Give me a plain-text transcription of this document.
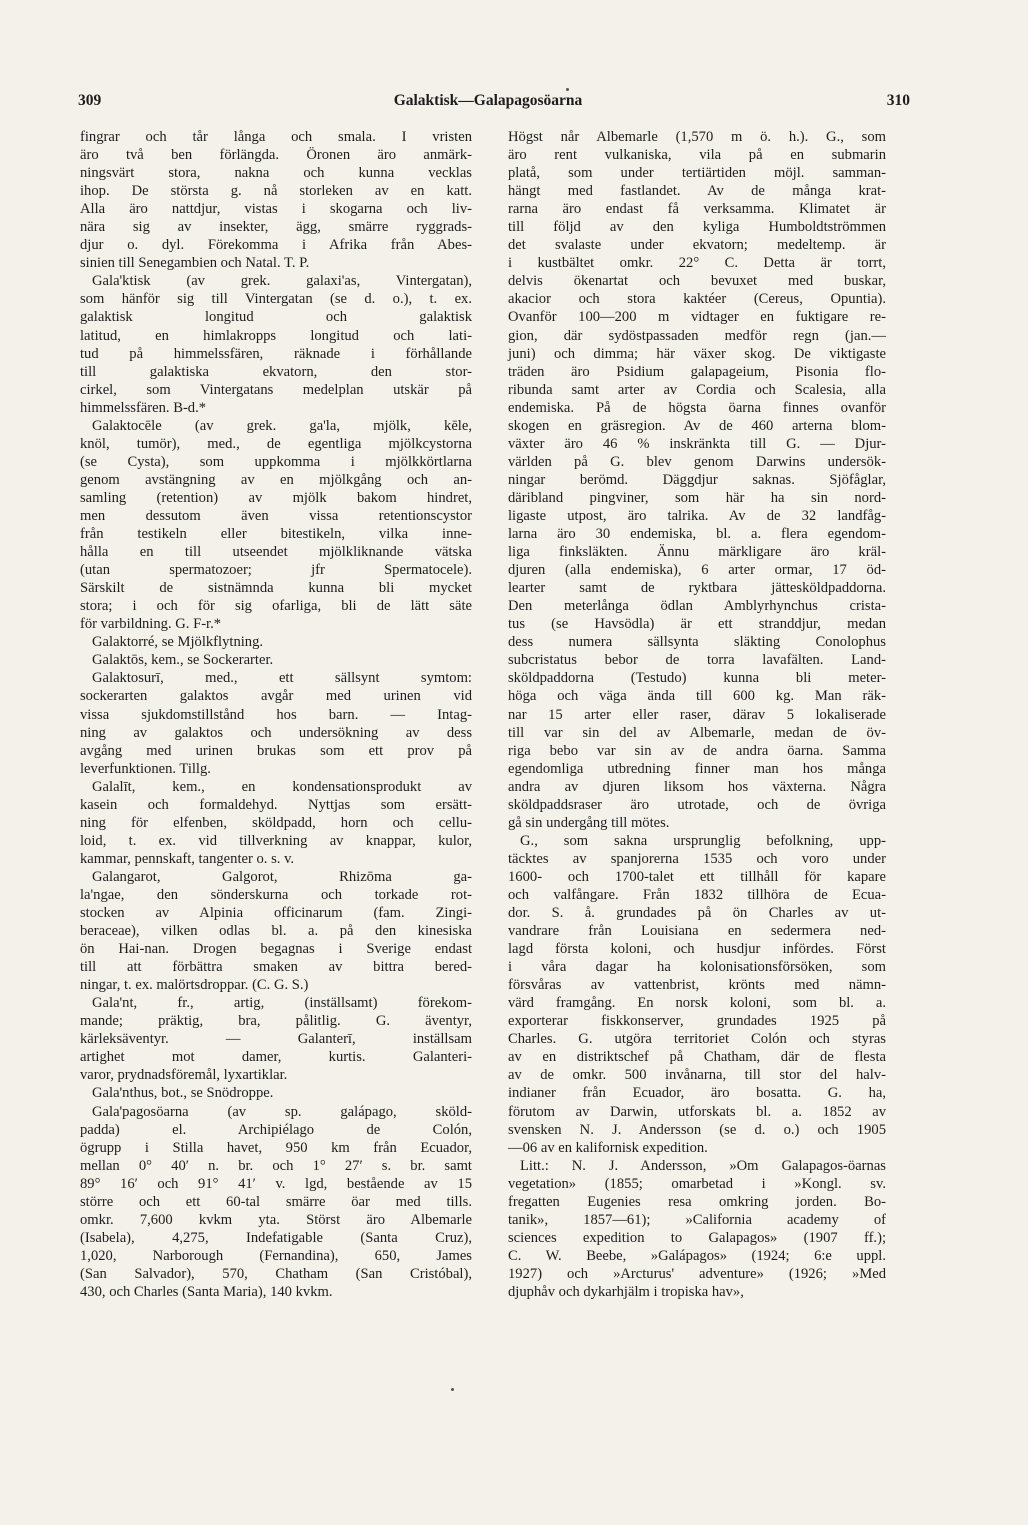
309	Galaktisk—Galapagosöarna	310
fingrar och tår långa och smala. I vristen
äro två ben förlängda. Öronen äro anmärk-
ningsvärt stora, nakna och kunna vecklas
ihop. De största g. nå storleken av en katt.
Alla äro nattdjur, vistas i skogarna och liv-
nära sig av insekter, ägg, smärre ryggrads-
djur o. dyl. Förekomma i Afrika från Abes-
sinien till Senegambien och Natal. T. P.
Gala'ktisk (av grek. galaxi'as, Vintergatan),
som hänför sig till Vintergatan (se d. o.), t. ex.
galaktisk longitud och galaktisk
latitud, en himlakropps longitud och lati-
tud på himmelssfären, räknade i förhållande
till galaktiska ekvatorn, den stor-
cirkel, som Vintergatans medelplan utskär på
himmelssfären. B-d.*
Galaktocēle (av grek. ga'la, mjölk, kēle,
knöl, tumör), med., de egentliga mjölkcystorna
(se Cysta), som uppkomma i mjölkkörtlarna
genom avstängning av en mjölkgång och an-
samling (retention) av mjölk bakom hindret,
men dessutom även vissa retentionscystor
från testikeln eller bitestikeln, vilka inne-
hålla en till utseendet mjölkliknande vätska
(utan spermatozoer; jfr Spermatocele).
Särskilt de sistnämnda kunna bli mycket
stora; i och för sig ofarliga, bli de lätt säte
för varbildning. G. F-r.*
Galaktorré, se Mjölkflytning.
Galaktōs, kem., se Sockerarter.
Galaktosurī, med., ett sällsynt symtom:
sockerarten galaktos avgår med urinen vid
vissa sjukdomstillstånd hos barn. — Intag-
ning av galaktos och undersökning av dess
avgång med urinen brukas som ett prov på
leverfunktionen. Tillg.
Galalīt, kem., en kondensationsprodukt av
kasein och formaldehyd. Nyttjas som ersätt-
ning för elfenben, sköldpadd, horn och cellu-
loid, t. ex. vid tillverkning av knappar, kulor,
kammar, pennskaft, tangenter o. s. v.
Galangarot, Galgorot, Rhizōma ga-
la'ngae, den sönderskurna och torkade rot-
stocken av Alpinia officinarum (fam. Zingi-
beraceae), vilken odlas bl. a. på den kinesiska
ön Hai-nan. Drogen begagnas i Sverige endast
till att förbättra smaken av bittra bered-
ningar, t. ex. malörtsdroppar. (C. G. S.)
Gala'nt, fr., artig, (inställsamt) förekom-
mande; präktig, bra, pålitlig. G. äventyr,
kärleksäventyr. — Galanterī, inställsam
artighet mot damer, kurtis. Galanteri-
varor, prydnadsföremål, lyxartiklar.
Gala'nthus, bot., se Snödroppe.
Gala'pagosöarna (av sp. galápago, sköld-
padda) el. Archipiélago de Colón,
ögrupp i Stilla havet, 950 km från Ecuador,
mellan 0° 40′ n. br. och 1° 27′ s. br. samt
89° 16′ och 91° 41′ v. lgd, bestående av 15
större och ett 60-tal smärre öar med tills.
omkr. 7,600 kvkm yta. Störst äro Albemarle
(Isabela), 4,275, Indefatigable (Santa Cruz),
1,020, Narborough (Fernandina), 650, James
(San Salvador), 570, Chatham (San Cristóbal),
430, och Charles (Santa Maria), 140 kvkm.
Högst når Albemarle (1,570 m ö. h.). G., som
äro rent vulkaniska, vila på en submarin
platå, som under tertiärtiden möjl. samman-
hängt med fastlandet. Av de många krat-
rarna äro endast få verksamma. Klimatet är
till följd av den kyliga Humboldtströmmen
det svalaste under ekvatorn; medeltemp. är
i kustbältet omkr. 22° C. Detta är torrt,
delvis ökenartat och bevuxet med buskar,
akacior och stora kaktéer (Cereus, Opuntia).
Ovanför 100—200 m vidtager en fuktigare re-
gion, där sydöstpassaden medför regn (jan.—
juni) och dimma; här växer skog. De viktigaste
träden äro Psidium galapageium, Pisonia flo-
ribunda samt arter av Cordia och Scalesia, alla
endemiska. På de högsta öarna finnes ovanför
skogen en gräsregion. Av de 460 arterna blom-
växter äro 46 % inskränkta till G. — Djur-
världen på G. blev genom Darwins undersök-
ningar berömd. Däggdjur saknas. Sjöfåglar,
däribland pingviner, som här ha sin nord-
ligaste utpost, äro talrika. Av de 32 landfåg-
larna äro 30 endemiska, bl. a. flera egendom-
liga finksläkten. Ännu märkligare äro kräl-
djuren (alla endemiska), 6 arter ormar, 17 öd-
learter samt de ryktbara jättesköldpaddorna.
Den meterlånga ödlan Amblyrhynchus crista-
tus (se Havsödla) är ett stranddjur, medan
dess numera sällsynta släkting Conolophus
subcristatus bebor de torra lavafälten. Land-
sköldpaddorna (Testudo) kunna bli meter-
höga och väga ända till 600 kg. Man räk-
nar 15 arter eller raser, därav 5 lokaliserade
till var sin del av Albemarle, medan de öv-
riga bebo var sin av de andra öarna. Samma
egendomliga utbredning finner man hos många
andra av djuren liksom hos växterna. Några
sköldpaddsraser äro utrotade, och de övriga
gå sin undergång till mötes.
G., som sakna ursprunglig befolkning, upp-
täcktes av spanjorerna 1535 och voro under
1600- och 1700-talet ett tillhåll för kapare
och valfångare. Från 1832 tillhöra de Ecua-
dor. S. å. grundades på ön Charles av ut-
vandrare från Louisiana en sedermera ned-
lagd första koloni, och husdjur infördes. Först
i våra dagar ha kolonisationsförsöken, som
försvåras av vattenbrist, krönts med nämn-
värd framgång. En norsk koloni, som bl. a.
exporterar fiskkonserver, grundades 1925 på
Charles. G. utgöra territoriet Colón och styras
av en distriktschef på Chatham, där de flesta
av de omkr. 500 invånarna, till stor del halv-
indianer från Ecuador, äro bosatta. G. ha,
förutom av Darwin, utforskats bl. a. 1852 av
svensken N. J. Andersson (se d. o.) och 1905
—06 av en kalifornisk expedition.
Litt.: N. J. Andersson, »Om Galapagos-öarnas
vegetation» (1855; omarbetad i »Kongl. sv.
fregatten Eugenies resa omkring jorden. Bo-
tanik», 1857—61); »California academy of
sciences expedition to Galapagos» (1907 ff.);
C. W. Beebe, »Galápagos» (1924; 6:e uppl.
1927) och »Arcturus' adventure» (1926; »Med
djuphåv och dykarhjälm i tropiska hav»,
